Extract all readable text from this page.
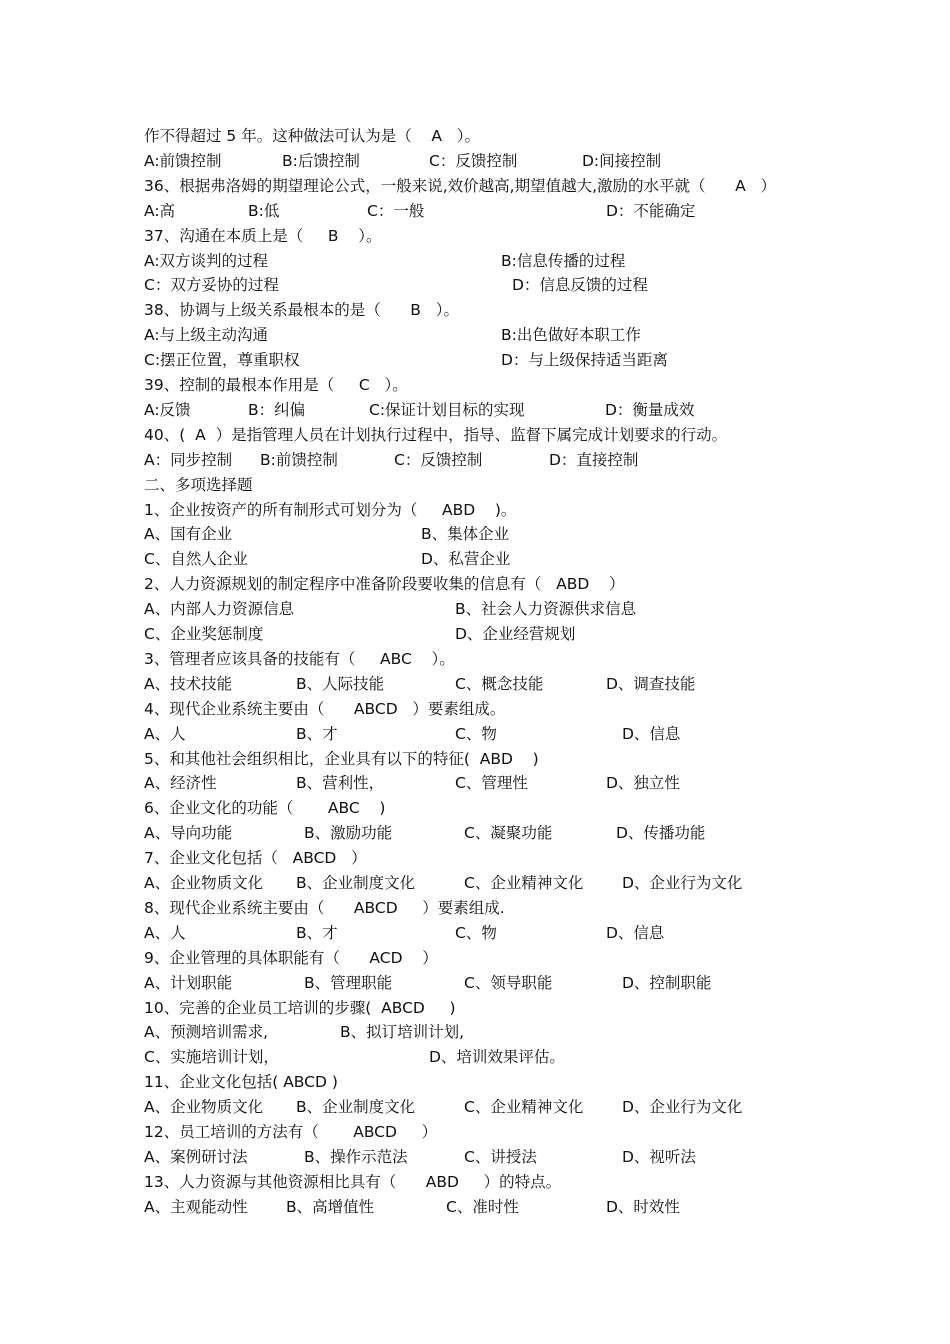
作不得超过 5 年。这种做法可认为是（    A   ）。
A:前馈控制	B:后馈控制	C：反馈控制	D:间接控制
36、根据弗洛姆的期望理论公式，一般来说,效价越高,期望值越大,激励的水平就（      A   ）
A:高	B:低	C：一般	D：不能确定
37、沟通在本质上是（     B    ）。
A:双方谈判的过程	B:信息传播的过程
C：双方妥协的过程	D：信息反馈的过程
38、协调与上级关系最根本的是（      B   ）。
A:与上级主动沟通	B:出色做好本职工作
C:摆正位置，尊重职权	D：与上级保持适当距离
39、控制的最根本作用是（     C   ）。
A:反馈	B：纠偏	C:保证计划目标的实现	D：衡量成效
40、(  A  ）是指管理人员在计划执行过程中，指导、监督下属完成计划要求的行动。
A：同步控制 B:前馈控制	C：反馈控制	D：直接控制
二、多项选择题
1、企业按资产的所有制形式可划分为（     ABD    )。
A、国有企业	B、集体企业
C、自然人企业	D、私营企业
2、人力资源规划的制定程序中准备阶段要收集的信息有（   ABD    ）
A、内部人力资源信息	B、社会人力资源供求信息
C、企业奖惩制度	D、企业经营规划
3、管理者应该具备的技能有（     ABC    ）。
A、技术技能	B、人际技能	C、概念技能	D、调查技能
4、现代企业系统主要由（      ABCD   ）要素组成。
A、人	B、才	C、物	D、信息
5、和其他社会组织相比，企业具有以下的特征(  ABD    )
A、经济性	B、营利性，	C、管理性	D、独立性
6、企业文化的功能（       ABC    )
A、导向功能	B、激励功能	C、凝聚功能	D、传播功能
7、企业文化包括（   ABCD   ）
A、企业物质文化 B、企业制度文化	C、企业精神文化 D、企业行为文化
8、现代企业系统主要由（      ABCD     ）要素组成.
A、人	B、才	C、物	D、信息
9、企业管理的具体职能有（      ACD    ）
A、计划职能	B、管理职能	C、领导职能	D、控制职能
10、完善的企业员工培训的步骤(  ABCD     )
A、预测培训需求,	B、拟订培训计划,
C、实施培训计划，	D、培训效果评估。
11、企业文化包括( ABCD )
A、企业物质文化 B、企业制度文化	C、企业精神文化 D、企业行为文化
12、员工培训的方法有（       ABCD     ）
A、案例研讨法	B、操作示范法	C、讲授法	D、视听法
13、人力资源与其他资源相比具有（      ABD     ）的特点。
A、主观能动性 B、高增值性	C、准时性	D、时效性
